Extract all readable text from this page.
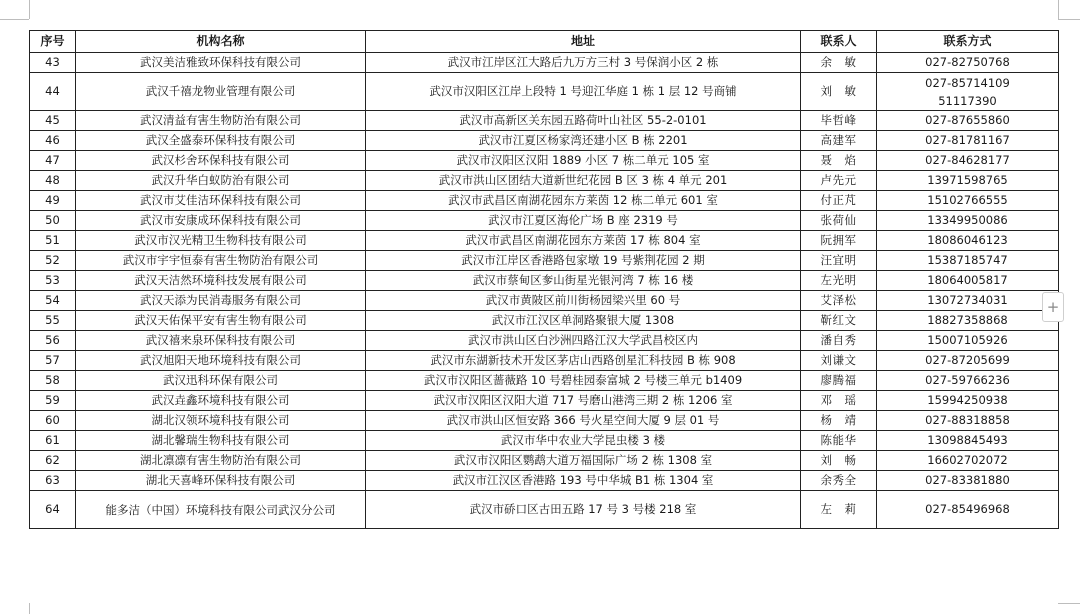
序号	机构名称	地址	联系人	联系方式
43	武汉美洁雅致环保科技有限公司	武汉市江岸区江大路后九万方三村 3 号保润小区 2 栋	余　敏	027-82750768
44	武汉千禧龙物业管理有限公司	武汉市汉阳区江岸上段特 1 号迎江华庭 1 栋 1 层 12 号商铺	刘　敏	027-85714109 51117390
45	武汉清益有害生物防治有限公司	武汉市高新区关东园五路荷叶山社区 55-2-0101	毕哲峰	027-87655860
46	武汉全盛泰环保科技有限公司	武汉市江夏区杨家湾还建小区 B 栋 2201	高建军	027-81781167
47	武汉杉舍环保科技有限公司	武汉市汉阳区汉阳 1889 小区 7 栋二单元 105 室	聂　焰	027-84628177
48	武汉升华白蚁防治有限公司	武汉市洪山区团结大道新世纪花园 B 区 3 栋 4 单元 201	卢先元	13971598765
49	武汉市艾佳洁环保科技有限公司	武汉市武昌区南湖花园东方莱茵 12 栋二单元 601 室	付正芃	15102766555
50	武汉市安康成环保科技有限公司	武汉市江夏区海伦广场 B 座 2319 号	张荷仙	13349950086
51	武汉市汉光精卫生物科技有限公司	武汉市武昌区南湖花园东方莱茵 17 栋 804 室	阮拥军	18086046123
52	武汉市宇宇恒泰有害生物防治有限公司	武汉市江岸区香港路包家墩 19 号紫荆花园 2 期	汪宜明	15387185747
53	武汉天洁然环境科技发展有限公司	武汉市蔡甸区奓山街星光银河湾 7 栋 16 楼	左光明	18064005817
54	武汉天添为民消毒服务有限公司	武汉市黄陂区前川街杨园梁兴里 60 号	艾泽松	13072734031
55	武汉天佑保平安有害生物有限公司	武汉市江汉区单洞路聚银大厦 1308	靳红文	18827358868
56	武汉禧来泉环保科技有限公司	武汉市洪山区白沙洲四路江汉大学武昌校区内	潘自秀	15007105926
57	武汉旭阳天地环境科技有限公司	武汉市东湖新技术开发区茅店山西路创星汇科技园 B 栋 908	刘谦文	027-87205699
58	武汉迅科环保有限公司	武汉市汉阳区蔷薇路 10 号碧桂园泰富城 2 号楼三单元 b1409	廖腾福	027-59766236
59	武汉垚鑫环境科技有限公司	武汉市汉阳区汉阳大道 717 号磨山港湾三期 2 栋 1206 室	邓　瑶	15994250938
60	湖北汉领环境科技有限公司	武汉市洪山区恒安路 366 号火星空间大厦 9 层 01 号	杨　靖	027-88318858
61	湖北馨瑞生物科技有限公司	武汉市华中农业大学昆虫楼 3 楼	陈能华	13098845493
62	湖北凛凛有害生物防治有限公司	武汉市汉阳区鹦鹉大道万福国际广场 2 栋 1308 室	刘　畅	16602702072
63	湖北天喜峰环保科技有限公司	武汉市江汉区香港路 193 号中华城 B1 栋 1304 室	余秀全	027-83381880
64	能多洁（中国）环境科技有限公司武汉分公司	武汉市硚口区古田五路 17 号 3 号楼 218 室	左　莉	027-85496968
+
